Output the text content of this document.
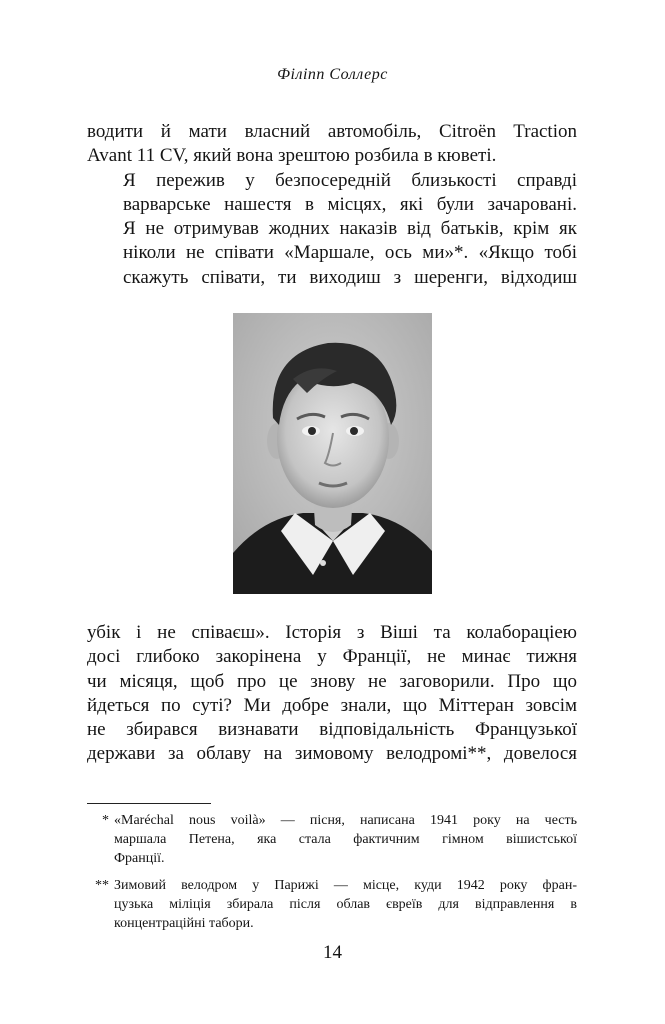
Філіпп Соллерс

водити й мати власний автомобіль, Citroën Traction
Avant 11 CV, який вона зрештою розбила в кюветі.

Я пережив у безпосередній близькості справді
варварське нашестя в місцях, які були зачаровані.
Я не отримував жодних наказів від батьків, крім як
ніколи не співати «Маршале, ось ми»*. «Якщо тобі
скажуть співати, ти виходиш з шеренги, відходиш

убік і не співаєш». Історія з Віші та колабораціею
досі глибоко закорінена у Франції, не минає тижня
чи місяця, щоб про це знову не заговорили. Про що
йдеться по суті? Ми добре знали, що Міттеран зовсім
не збирався визнавати відповідальність Французької
держави за облаву на зимовому велодромі**, довелося

* «Maréchal nous voilà» — пісня, написана 1941 року на честь
маршала Петена, яка стала фактичним гімном вішистської
Франції.
** Зимовий велодром у Парижі — місце, куди 1942 року фран-
цузька міліція збирала після облав євреїв для відправлення в
концентраційні табори.
14
